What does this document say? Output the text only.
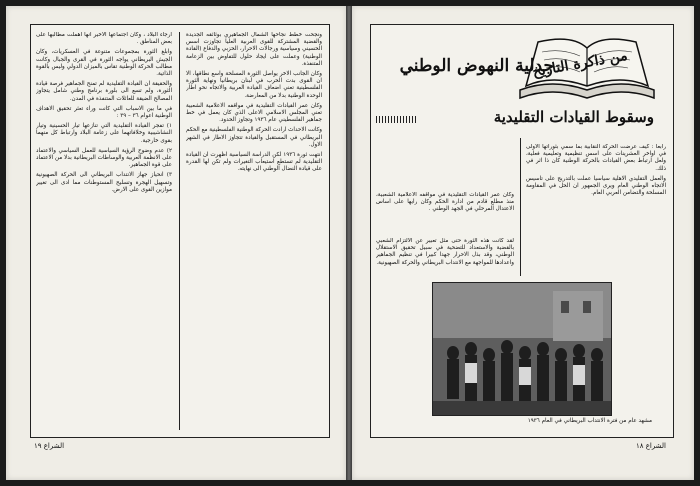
ونجحت خطط نجاحها الشمال الجماهيري بوثائقه الجديدة والقضية المشتركة للقوى العربية العليا تجاوزت اسس الحسيني وسياسية ورجالات الاحرار، الحزبي والدفاع (القادة الوطنية) وعملت على ايجاد حلول للتفاوض بين الزعامة المتنفذة.

وكان الجانب الاخر يواصل الثورة المسلحة واسع نطاقها، الا ان القوى بدت الحرب في لبنان بريطانيا ونهاية الثورة الفلسطينية تعني اضعاف القيادة العربية والاتجاه نحو اطار الوحدة الوطنية بدلا من المعارضة.

وكان عمر القيادات التقليدية في مواقفه الاعلامية الشعبية تعني المجلس الاسلامي الاعلى الذي كان يعمل في خط جماهير الفلسطيني عام ١٩٣٦ وتجاوز الحدود.

وكانت الاحداث ارادت الحركة الوطنية الفلسطينية مع الحكم البريطاني في المستقبل والقيادة تتجاوز الاطار في الشهر الاول.

انتهت ثورة ١٩٣٦ لكن الدراسة السياسية اظهرت ان القيادة التقليدية لم تستطع استيعاب التغيرات ولم تكن لها القدرة على قيادة النضال الوطني الى نهايته.

ارجاء البلاد ، وكان اجتماعها الاخير انها اهملت مطالبها على بعض المناطق .

وابلغ الثورة بمجموعات متنوعة في العسكريات، وكان الجيش البريطاني يواجه الثورة في القرى والجبال وكانت مطالب الحركة الوطنية تقاس بالميزان الدولي وليس بالقوة الذاتية.

والحقيقة ان القيادة التقليدية لم تمنح الجماهير فرصة قيادة الثورة، ولم تسع الى بلورة برنامج وطني شامل يتجاوز المصالح الضيقة للعائلات المتنفذة في المدن.

في ما بين الاسباب التي كانت وراء تعثر تحقيق الاهداف الوطنية اعوام ٣٦ – ٣٩ :

١) تفجر القيادة التقليدية التي تنازعها تيار الحسينية وتيار النشاشيبية وخلافاتهما على زعامة البلاد وارتباط كل منهما بقوى خارجية.

٢) عدم وضوح الرؤية السياسية للعمل السياسي والاعتماد على الانظمة العربية والوساطات البريطانية بدلا من الاعتماد على قوة الجماهير.

٣) انحياز جهاز الانتداب البريطاني الى الحركة الصهيونية وتسهيل الهجرة وتسليح المستوطنات مما ادى الى تغيير موازين القوى على الارض.

الشراع ١٩
من ذاكرة التاريخ
جدلية النهوض الوطني
وسقوط القيادات التقليدية

رابعا : كيف عرضت الحركة النقابية بما سمي بثوراتها الاولى في اواخر العشرينات على اسس تنظيمية وتعليمية فعلية، ولعل ارتباط بعض القيادات بالحركة الوطنية كان ذا اثر في ذلك.

والعمل التقليدي الاهلية سياسيا عملت بالتدريج على تاسيس الاتجاه الوطني العام ويرى الجمهور ان الحل في المقاومة المسلحة والتضامن العربي العام.

وكان عمر القيادات التقليدية في مواقفه الاعلامية الشعبية، منذ مطلع قادم من ادارة الحكم وكان رايها على اساس الاعتدال المرحلي في الجهد الوطني .

لقد كانت هذه الثورة حتى مثل تعبير عن الالتزام الشعبي بالقضية والاستعداد للتضحية في سبيل تحقيق الاستقلال الوطني، وقد بذل الاحرار جهدا كبيرا في تنظيم الجماهير واعدادها للمواجهة مع الانتداب البريطاني والحركة الصهيونية.

مشهد عام من فترة الانتداب البريطاني في العام ١٩٣٦
الشراع ١٨
